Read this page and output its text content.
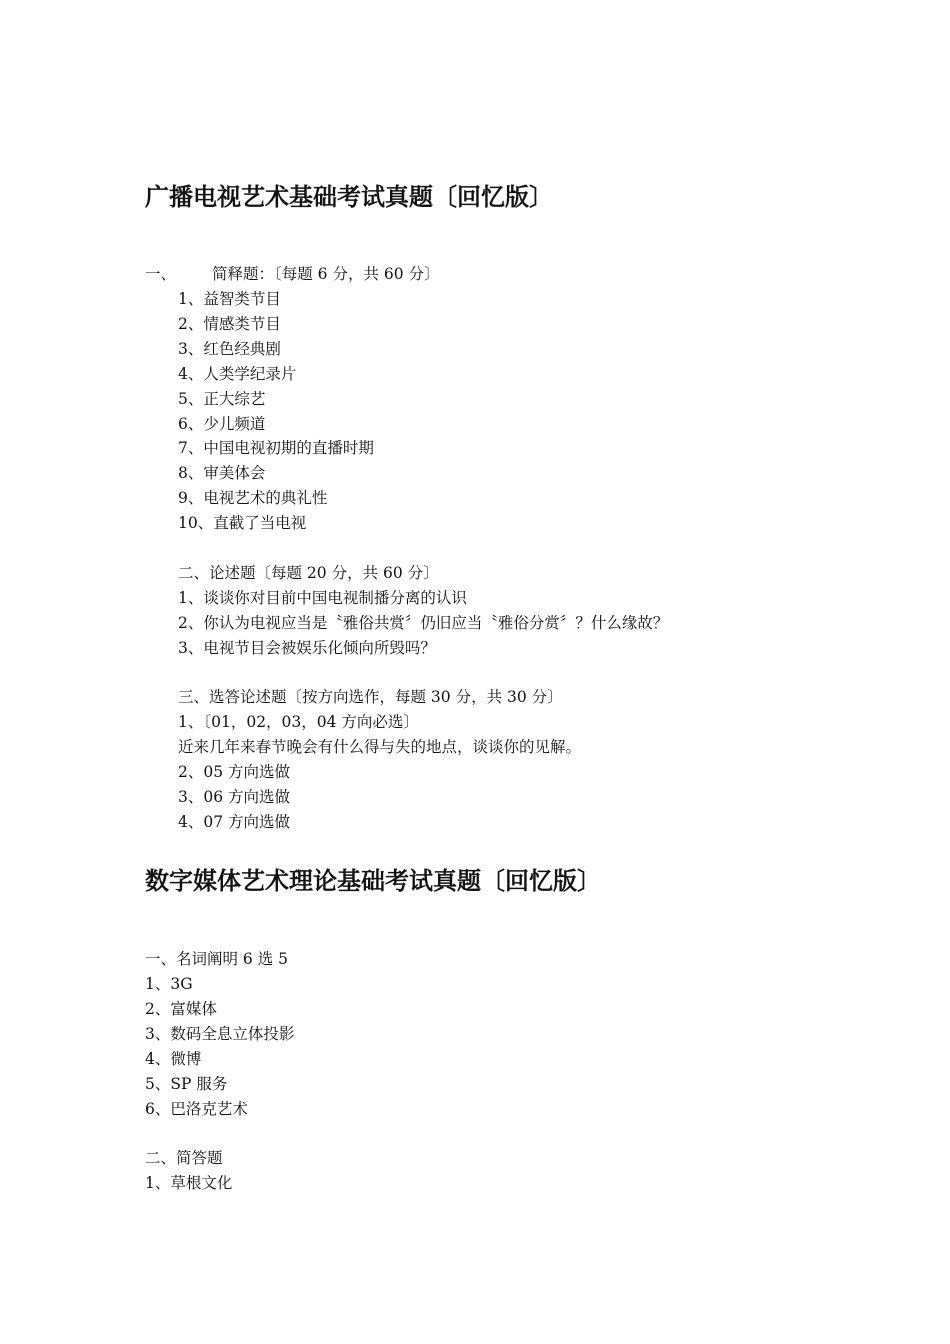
广播电视艺术基础考试真题〔回忆版〕
一、 简释题：〔每题 6 分，共 60 分〕
1、益智类节目
2、情感类节目
3、红色经典剧
4、人类学纪录片
5、正大综艺
6、少儿频道
7、中国电视初期的直播时期
8、审美体会
9、电视艺术的典礼性
10、直截了当电视
二、论述题〔每题 20 分，共 60 分〕
1、谈谈你对目前中国电视制播分离的认识
2、你认为电视应当是〝雅俗共赏〞仍旧应当〝雅俗分赏〞？什么缘故？
3、电视节目会被娱乐化倾向所毁吗？
三、选答论述题〔按方向选作，每题 30 分，共 30 分〕
1、〔01，02，03，04 方向必选〕
近来几年来春节晚会有什么得与失的地点，谈谈你的见解。
2、05 方向选做
3、06 方向选做
4、07 方向选做
数字媒体艺术理论基础考试真题〔回忆版〕
一、名词阐明 6 选 5
1、3G
2、富媒体
3、数码全息立体投影
4、微博
5、SP 服务
6、巴洛克艺术
二、简答题
1、草根文化
